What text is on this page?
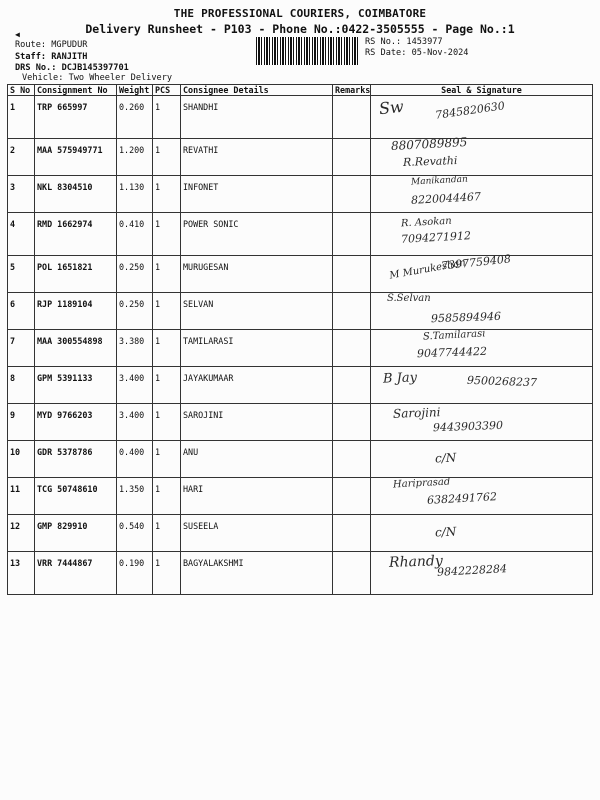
THE PROFESSIONAL COURIERS, COIMBATORE
Delivery Runsheet - P103 - Phone No.:0422-3505555 - Page No.:1
◀
Route: MGPUDUR
Staff: RANJITH
DRS No.: DCJB145397701
Vehicle: Two Wheeler Delivery
RS No.: 1453977
RS Date: 05-Nov-2024
S No	Consignment No	Weight	PCS	Consignee Details	Remarks	Seal & Signature
1	TRP 665997	0.260	1	SHANDHI		Sw 7845820630

2	MAA 575949771	1.200	1	REVATHI		8807089895
R.Revathi

3	NKL 8304510	1.130	1	INFONET		Manikandan
8220044467

4	RMD 1662974	0.410	1	POWER SONIC		R. Asokan
7094271912

5	POL 1651821	0.250	1	MURUGESAN		M Murukeshan
7397759408

6	RJP 1189104	0.250	1	SELVAN		S.Selvan
9585894946

7	MAA 300554898	3.380	1	TAMILARASI		S.Tamilarasi
9047744422

8	GPM 5391133	3.400	1	JAYAKUMAAR		B Jay 9500268237

9	MYD 9766203	3.400	1	SAROJINI		Sarojini
9443903390

10	GDR 5378786	0.400	1	ANU		c/N

11	TCG 50748610	1.350	1	HARI		Hariprasad
6382491762

12	GMP 829910	0.540	1	SUSEELA		c/N

13	VRR 7444867	0.190	1	BAGYALAKSHMI		Rhandy
9842228284
